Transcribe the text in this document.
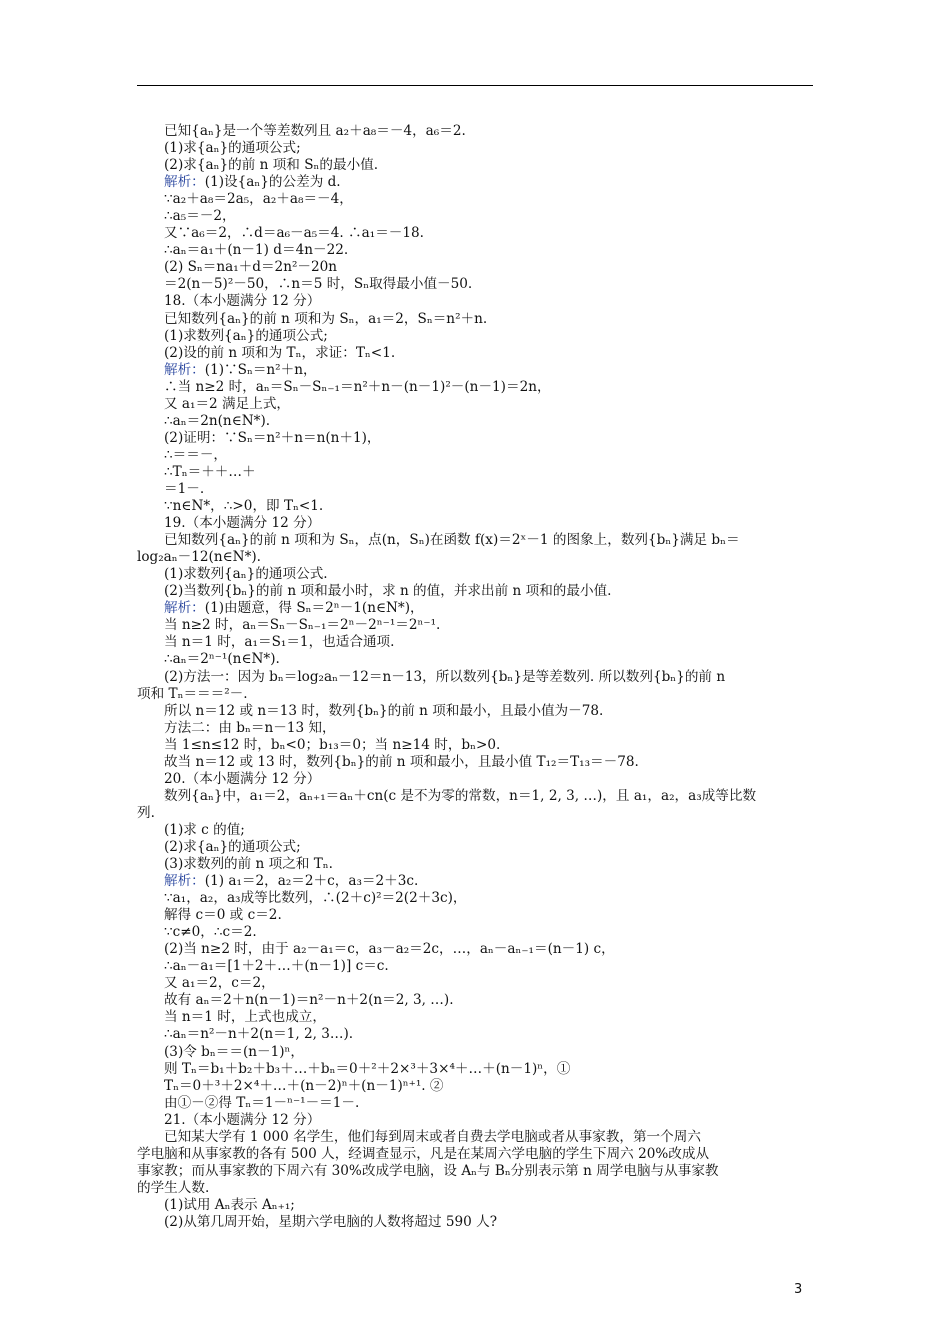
已知{aₙ}是一个等差数列且 a₂＋a₈＝－4，a₆＝2.

(1)求{aₙ}的通项公式;

(2)求{aₙ}的前 n 项和 Sₙ的最小值.

解析：(1)设{aₙ}的公差为 d.

∵a₂＋a₈＝2a₅，a₂＋a₈＝－4，

∴a₅＝－2，

又∵a₆＝2，∴d＝a₆－a₅＝4. ∴a₁＝－18.

∴aₙ＝a₁＋(n－1) d＝4n－22.

(2) Sₙ＝na₁＋d＝2n²－20n

＝2(n－5)²－50，∴n＝5 时，Sₙ取得最小值－50.

18.（本小题满分 12 分）

已知数列{aₙ}的前 n 项和为 Sₙ，a₁＝2，Sₙ＝n²＋n.

(1)求数列{aₙ}的通项公式;

(2)设的前 n 项和为 Tₙ，求证：Tₙ<1.

解析：(1)∵Sₙ＝n²＋n，

∴当 n≥2 时，aₙ＝Sₙ－Sₙ₋₁＝n²＋n－(n－1)²－(n－1)＝2n，

又 a₁＝2 满足上式，

∴aₙ＝2n(n∈N*).

(2)证明：∵Sₙ＝n²＋n＝n(n＋1)，

∴＝＝－，

∴Tₙ＝＋＋…＋

＝1－.

∵n∈N*，∴>0，即 Tₙ<1.

19.（本小题满分 12 分）

已知数列{aₙ}的前 n 项和为 Sₙ，点(n，Sₙ)在函数 f(x)＝2ˣ－1 的图象上，数列{bₙ}满足 bₙ＝

log₂aₙ－12(n∈N*).

(1)求数列{aₙ}的通项公式.

(2)当数列{bₙ}的前 n 项和最小时，求 n 的值，并求出前 n 项和的最小值.

解析：(1)由题意，得 Sₙ＝2ⁿ－1(n∈N*)，

当 n≥2 时，aₙ＝Sₙ－Sₙ₋₁＝2ⁿ－2ⁿ⁻¹＝2ⁿ⁻¹.

当 n＝1 时，a₁＝S₁＝1，也适合通项.

∴aₙ＝2ⁿ⁻¹(n∈N*).

(2)方法一：因为 bₙ＝log₂aₙ－12＝n－13，所以数列{bₙ}是等差数列. 所以数列{bₙ}的前 n

项和 Tₙ＝＝＝²－.

所以 n＝12 或 n＝13 时，数列{bₙ}的前 n 项和最小，且最小值为－78.

方法二：由 bₙ＝n－13 知，

当 1≤n≤12 时，bₙ<0；b₁₃＝0；当 n≥14 时，bₙ>0.

故当 n＝12 或 13 时，数列{bₙ}的前 n 项和最小，且最小值 T₁₂＝T₁₃＝－78.

20.（本小题满分 12 分）

数列{aₙ}中，a₁＝2，aₙ₊₁＝aₙ＋cn(c 是不为零的常数，n＝1, 2, 3, …)，且 a₁，a₂，a₃成等比数

列.

(1)求 c 的值;

(2)求{aₙ}的通项公式;

(3)求数列的前 n 项之和 Tₙ.

解析：(1) a₁＝2，a₂＝2＋c，a₃＝2＋3c.

∵a₁，a₂，a₃成等比数列，∴(2＋c)²＝2(2＋3c)，

解得 c＝0 或 c＝2.

∵c≠0，∴c＝2.

(2)当 n≥2 时，由于 a₂－a₁＝c，a₃－a₂＝2c，…，aₙ－aₙ₋₁＝(n－1) c，

∴aₙ－a₁＝[1＋2＋…＋(n－1)] c＝c.

又 a₁＝2，c＝2，

故有 aₙ＝2＋n(n－1)＝n²－n＋2(n＝2, 3, …).

当 n＝1 时，上式也成立，

∴aₙ＝n²－n＋2(n＝1, 2, 3…).

(3)令 bₙ＝＝(n－1)ⁿ，

则 Tₙ＝b₁＋b₂＋b₃＋…＋bₙ＝0＋²＋2×³＋3×⁴＋…＋(n－1)ⁿ，①

Tₙ＝0＋³＋2×⁴＋…＋(n－2)ⁿ＋(n－1)ⁿ⁺¹. ②

由①－②得 Tₙ＝1－ⁿ⁻¹－＝1－.

21.（本小题满分 12 分）

已知某大学有 1 000 名学生，他们每到周末或者自费去学电脑或者从事家教，第一个周六

学电脑和从事家教的各有 500 人，经调查显示，凡是在某周六学电脑的学生下周六 20%改成从

事家教；而从事家教的下周六有 30%改成学电脑，设 Aₙ与 Bₙ分别表示第 n 周学电脑与从事家教

的学生人数.

(1)试用 Aₙ表示 Aₙ₊₁;

(2)从第几周开始，星期六学电脑的人数将超过 590 人?

3
